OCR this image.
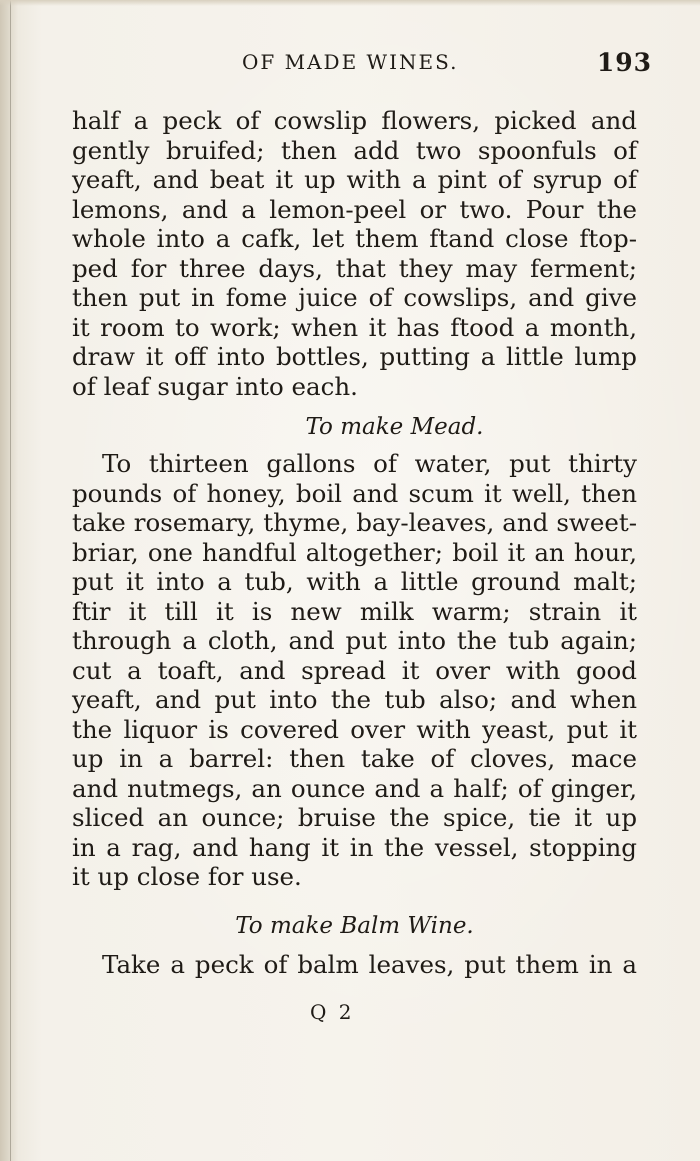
OF MADE WINES.	193
half a peck of cowslip flowers, picked and
gently bruifed; then add two spoonfuls of
yeaft, and beat it up with a pint of syrup of
lemons, and a lemon-peel or two. Pour the
whole into a cafk, let them ftand close ftop-
ped for three days, that they may ferment;
then put in fome juice of cowslips, and give
it room to work; when it has ftood a month,
draw it off into bottles, putting a little lump
of leaf sugar into each.
To make Mead.
To thirteen gallons of water, put thirty
pounds of honey, boil and scum it well, then
take rosemary, thyme, bay-leaves, and sweet-
briar, one handful altogether; boil it an hour,
put it into a tub, with a little ground malt;
ftir it till it is new milk warm; strain it
through a cloth, and put into the tub again;
cut a toaft, and spread it over with good
yeaft, and put into the tub also; and when
the liquor is covered over with yeast, put it
up in a barrel: then take of cloves, mace
and nutmegs, an ounce and a half; of ginger,
sliced an ounce; bruise the spice, tie it up
in a rag, and hang it in the vessel, stopping
it up close for use.
To make Balm Wine.
Take a peck of balm leaves, put them in a
Q 2
